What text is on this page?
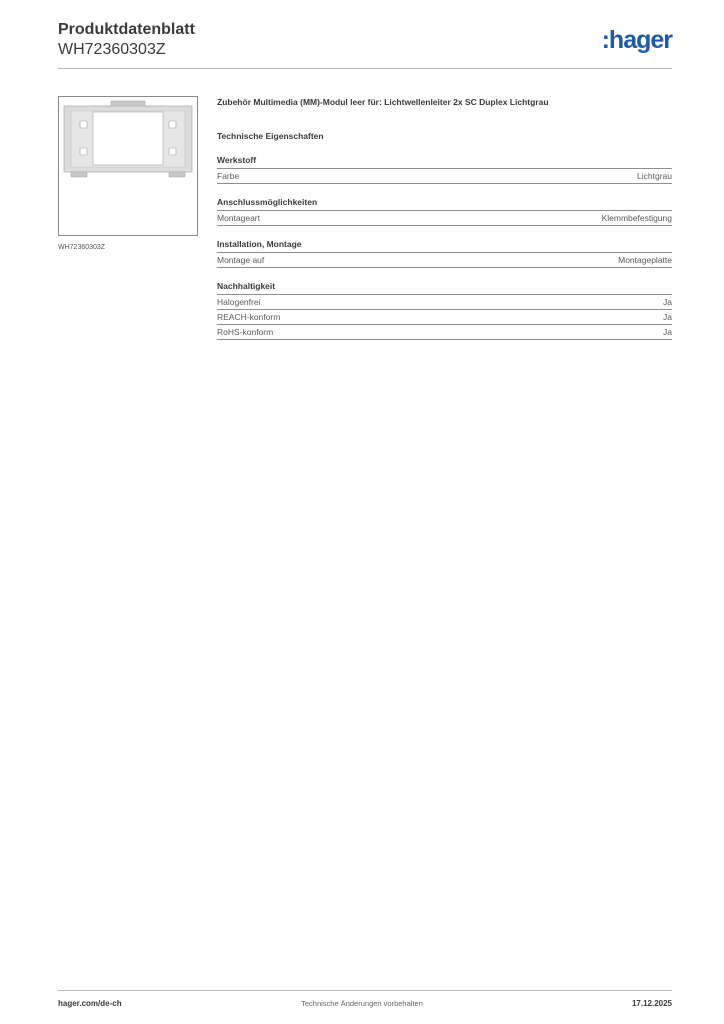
Produktdatenblatt
WH72360303Z	:hager
WH72360303Z
Zubehör Multimedia (MM)-Modul leer für: Lichtwellenleiter 2x SC Duplex Lichtgrau
Technische Eigenschaften
Werkstoff
Farbe	Lichtgrau
Anschlussmöglichkeiten
Montageart	Klemmbefestigung
Installation, Montage
Montage auf	Montageplatte
Nachhaltigkeit
Halogenfrei	Ja
REACH-konform	Ja
RoHS-konform	Ja
hager.com/de-ch	Technische Änderungen vorbehalten	17.12.2025
